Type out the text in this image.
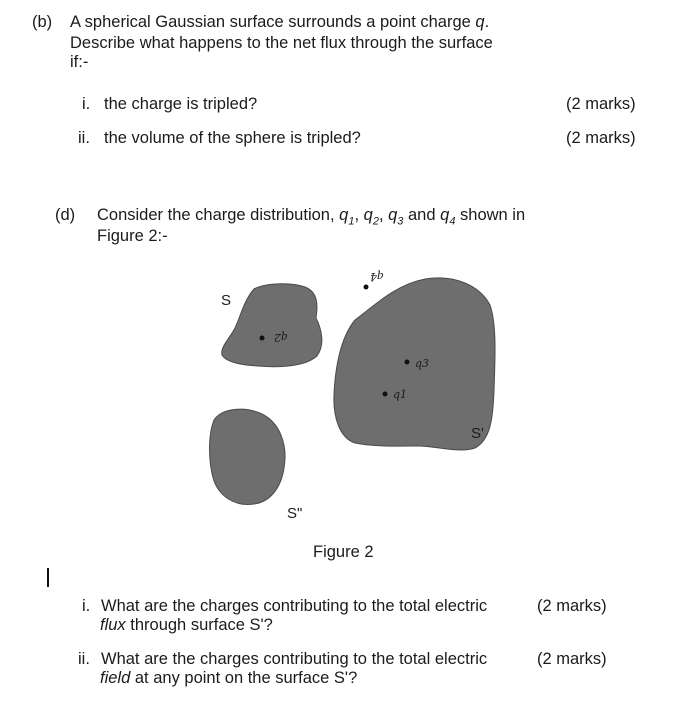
(b) A spherical Gaussian surface surrounds a point charge q.
Describe what happens to the net flux through the surface
if:-
i. the charge is tripled?	(2 marks)
ii. the volume of the sphere is tripled?	(2 marks)
(d) Consider the charge distribution, $q_1$, $q_2$, $q_3$ and $q_4$ shown in
Figure 2:-
q4
q2
q3
q1
S
S'
S"
Figure 2
i. What are the charges contributing to the total electric
flux through surface S'?
(2 marks)
ii. What are the charges contributing to the total electric
field at any point on the surface S'?
(2 marks)
